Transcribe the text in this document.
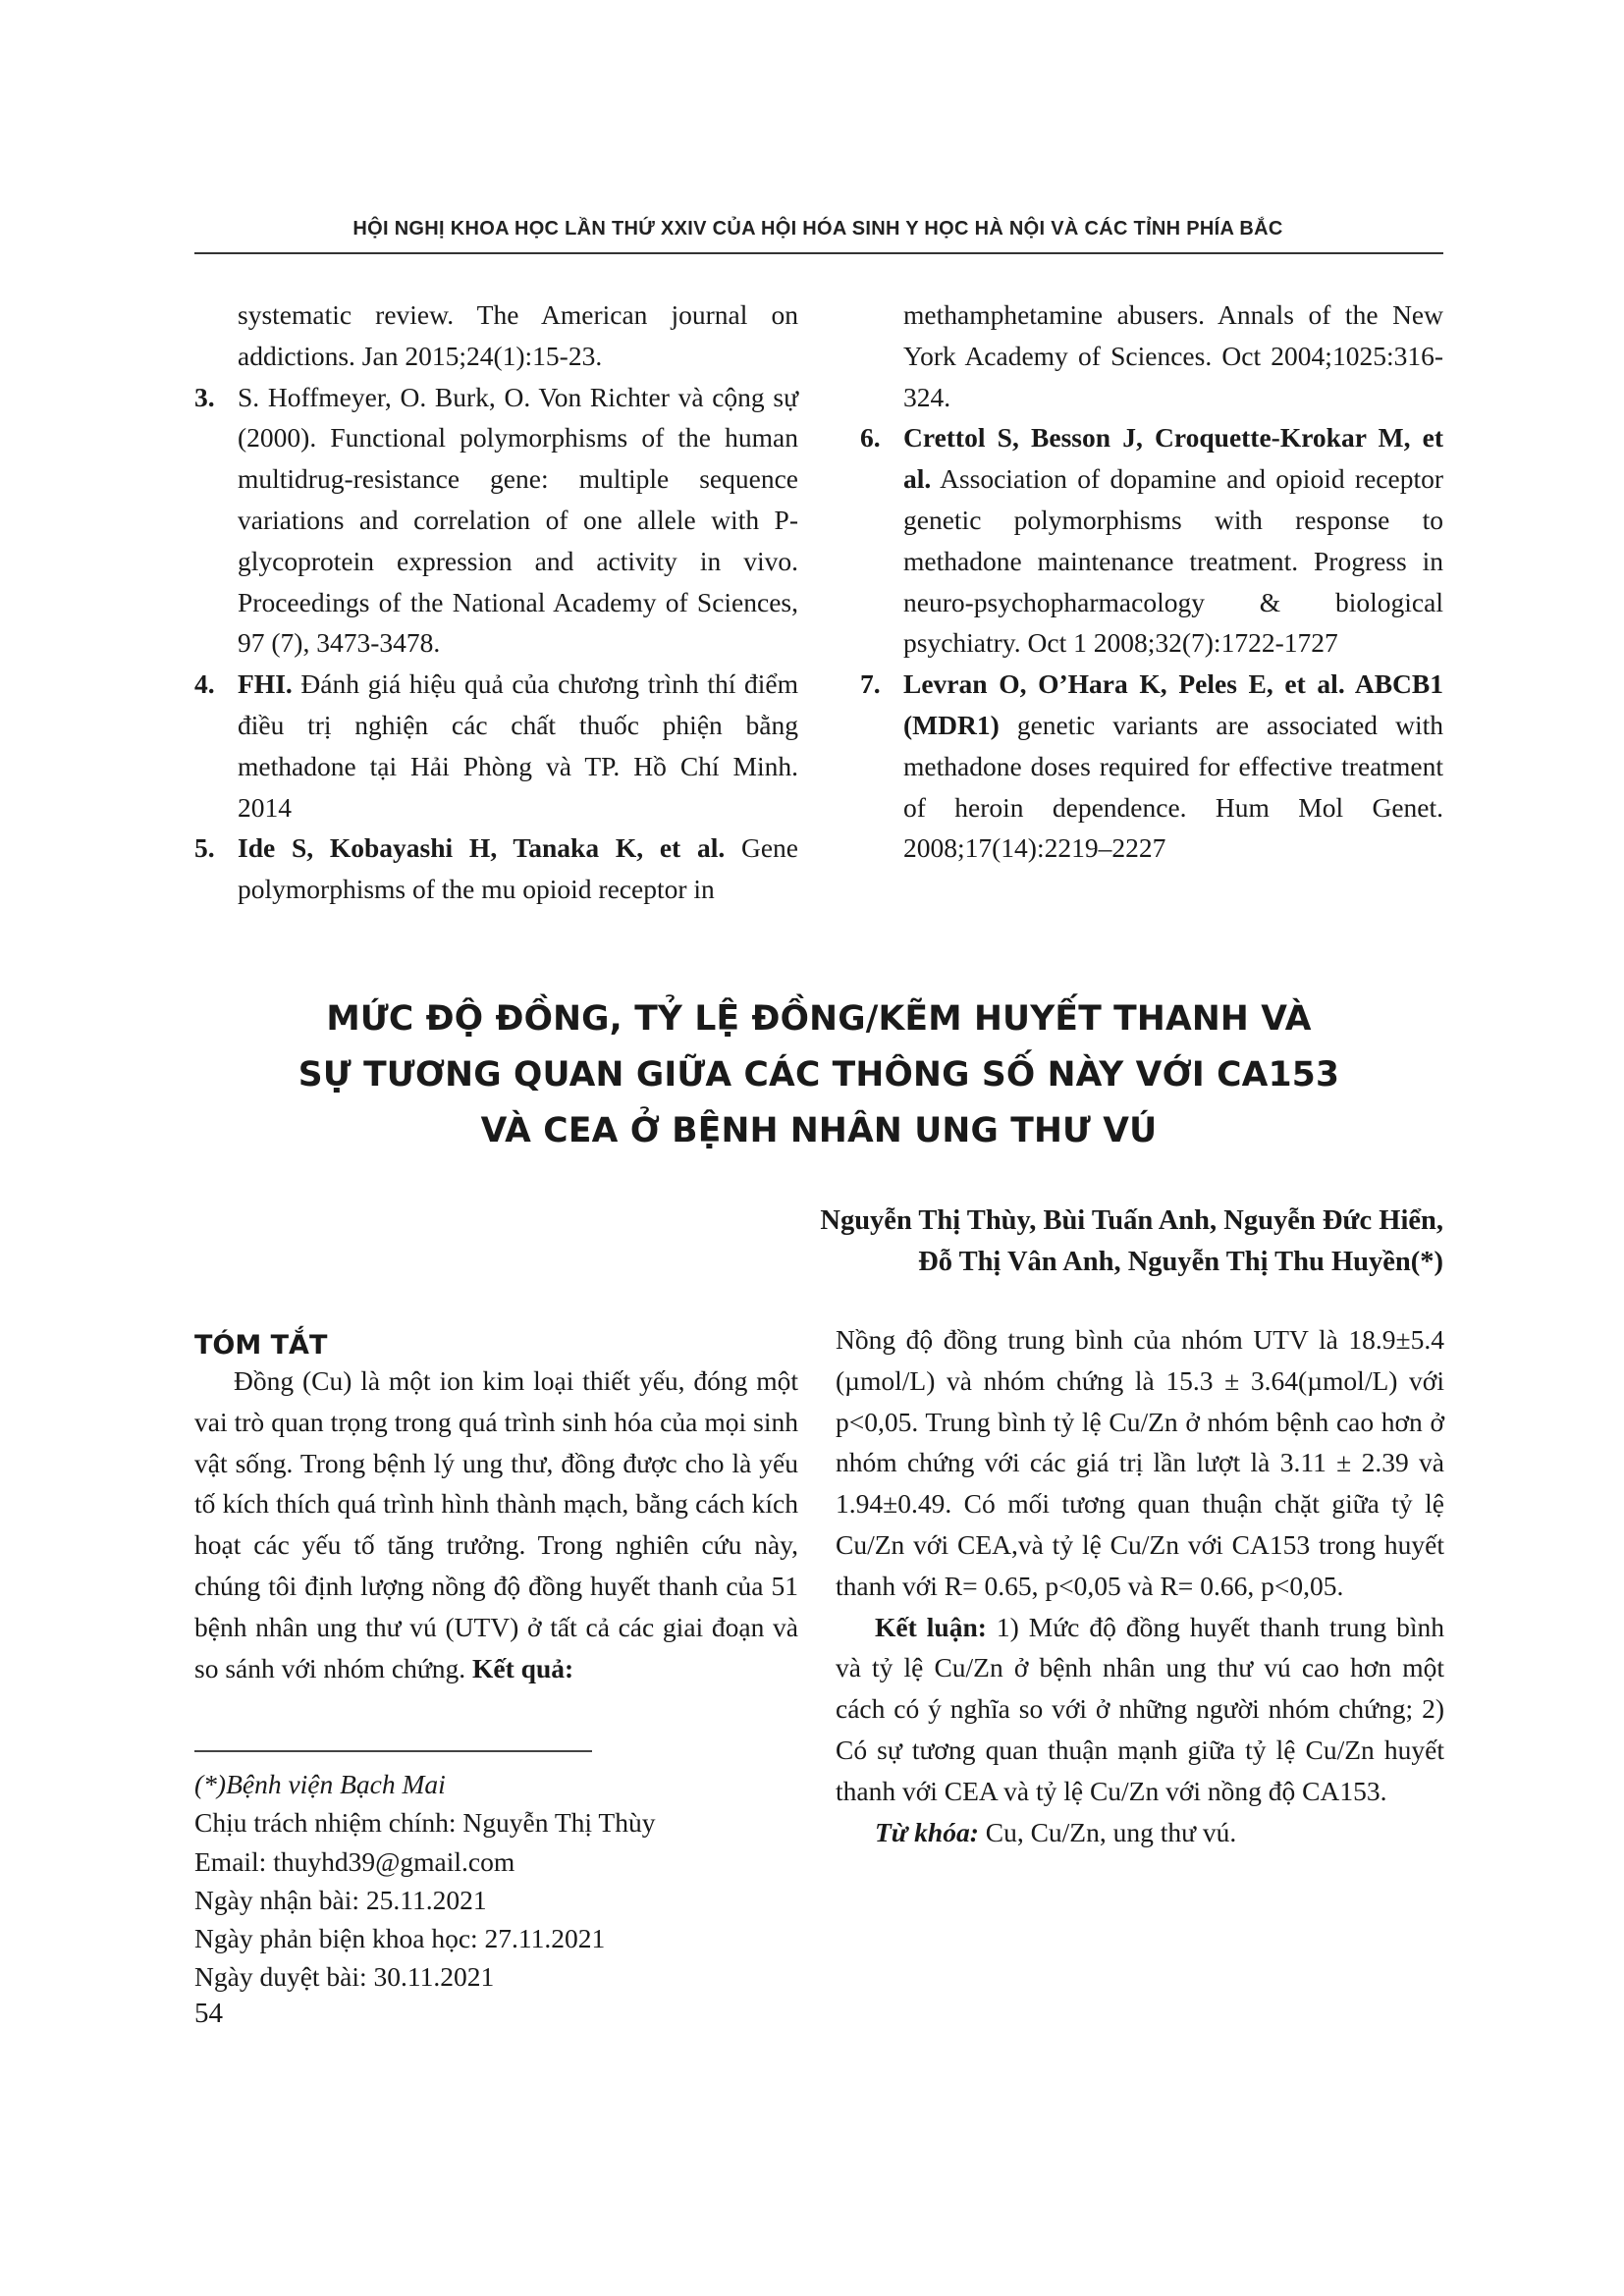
HỘI NGHỊ KHOA HỌC LẦN THỨ XXIV CỦA HỘI HÓA SINH Y HỌC HÀ NỘI VÀ CÁC TỈNH PHÍA BẮC
systematic review. The American journal on addictions. Jan 2015;24(1):15-23.
3. S. Hoffmeyer, O. Burk, O. Von Richter và cộng sự (2000). Functional polymorphisms of the human multidrug-resistance gene: multiple sequence variations and correlation of one allele with P-glycoprotein expression and activity in vivo. Proceedings of the National Academy of Sciences, 97 (7), 3473-3478.
4. FHI. Đánh giá hiệu quả của chương trình thí điểm điều trị nghiện các chất thuốc phiện bằng methadone tại Hải Phòng và TP. Hồ Chí Minh. 2014
5. Ide S, Kobayashi H, Tanaka K, et al. Gene polymorphisms of the mu opioid receptor in
methamphetamine abusers. Annals of the New York Academy of Sciences. Oct 2004;1025:316-324.
6. Crettol S, Besson J, Croquette-Krokar M, et al. Association of dopamine and opioid receptor genetic polymorphisms with response to methadone maintenance treatment. Progress in neuro-psychopharmacology & biological psychiatry. Oct 1 2008;32(7):1722-1727
7. Levran O, O’Hara K, Peles E, et al. ABCB1 (MDR1) genetic variants are associated with methadone doses required for effective treatment of heroin dependence. Hum Mol Genet. 2008;17(14):2219–2227
MỨC ĐỘ ĐỒNG, TỶ LỆ ĐỒNG/KẼM HUYẾT THANH VÀ
SỰ TƯƠNG QUAN GIỮA CÁC THÔNG SỐ NÀY VỚI CA153
VÀ CEA Ở BỆNH NHÂN UNG THƯ VÚ
Nguyễn Thị Thùy, Bùi Tuấn Anh, Nguyễn Đức Hiển,
Đỗ Thị Vân Anh, Nguyễn Thị Thu Huyền(*)
TÓM TẮT
Đồng (Cu) là một ion kim loại thiết yếu, đóng một vai trò quan trọng trong quá trình sinh hóa của mọi sinh vật sống. Trong bệnh lý ung thư, đồng được cho là yếu tố kích thích quá trình hình thành mạch, bằng cách kích hoạt các yếu tố tăng trưởng. Trong nghiên cứu này, chúng tôi định lượng nồng độ đồng huyết thanh của 51 bệnh nhân ung thư vú (UTV) ở tất cả các giai đoạn và so sánh với nhóm chứng. Kết quả:
Nồng độ đồng trung bình của nhóm UTV là 18.9±5.4 (µmol/L) và nhóm chứng là 15.3 ± 3.64(µmol/L) với p<0,05. Trung bình tỷ lệ Cu/Zn ở nhóm bệnh cao hơn ở nhóm chứng với các giá trị lần lượt là 3.11 ± 2.39 và 1.94±0.49. Có mối tương quan thuận chặt giữa tỷ lệ Cu/Zn với CEA,và tỷ lệ Cu/Zn với CA153 trong huyết thanh với R= 0.65, p<0,05 và R= 0.66, p<0,05.
Kết luận: 1) Mức độ đồng huyết thanh trung bình và tỷ lệ Cu/Zn ở bệnh nhân ung thư vú cao hơn một cách có ý nghĩa so với ở những người nhóm chứng; 2) Có sự tương quan thuận mạnh giữa tỷ lệ Cu/Zn huyết thanh với CEA và tỷ lệ Cu/Zn với nồng độ CA153.
Từ khóa: Cu, Cu/Zn, ung thư vú.
(*)Bệnh viện Bạch Mai
Chịu trách nhiệm chính: Nguyễn Thị Thùy
Email: thuyhd39@gmail.com
Ngày nhận bài: 25.11.2021
Ngày phản biện khoa học: 27.11.2021
Ngày duyệt bài: 30.11.2021
54
